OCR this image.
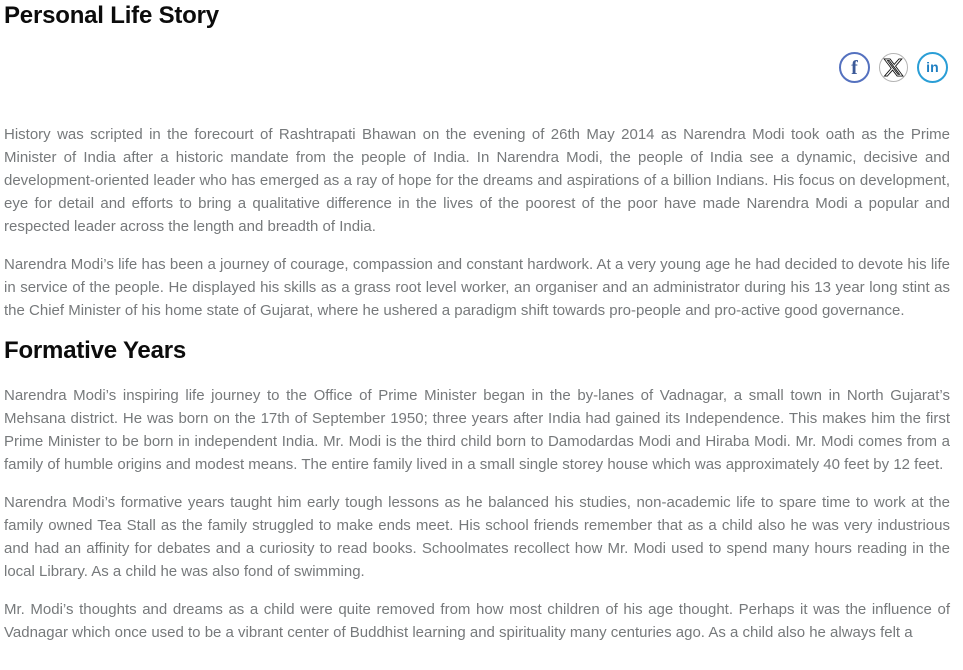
Personal Life Story
f	in

History was scripted in the forecourt of Rashtrapati Bhawan on the evening of 26th May 2014 as Narendra Modi took oath as the Prime Minister of India after a historic mandate from the people of India. In Narendra Modi, the people of India see a dynamic, decisive and development-oriented leader who has emerged as a ray of hope for the dreams and aspirations of a billion Indians. His focus on development, eye for detail and efforts to bring a qualitative difference in the lives of the poorest of the poor have made Narendra Modi a popular and respected leader across the length and breadth of India.

Narendra Modi’s life has been a journey of courage, compassion and constant hardwork. At a very young age he had decided to devote his life in service of the people. He displayed his skills as a grass root level worker, an organiser and an administrator during his 13 year long stint as the Chief Minister of his home state of Gujarat, where he ushered a paradigm shift towards pro-people and pro-active good governance.

Formative Years

Narendra Modi’s inspiring life journey to the Office of Prime Minister began in the by-lanes of Vadnagar, a small town in North Gujarat’s Mehsana district. He was born on the 17th of September 1950; three years after India had gained its Independence. This makes him the first Prime Minister to be born in independent India. Mr. Modi is the third child born to Damodardas Modi and Hiraba Modi. Mr. Modi comes from a family of humble origins and modest means. The entire family lived in a small single storey house which was approximately 40 feet by 12 feet.

Narendra Modi’s formative years taught him early tough lessons as he balanced his studies, non-academic life to spare time to work at the family owned Tea Stall as the family struggled to make ends meet. His school friends remember that as a child also he was very industrious and had an affinity for debates and a curiosity to read books. Schoolmates recollect how Mr. Modi used to spend many hours reading in the local Library. As a child he was also fond of swimming.

Mr. Modi’s thoughts and dreams as a child were quite removed from how most children of his age thought. Perhaps it was the influence of Vadnagar which once used to be a vibrant center of Buddhist learning and spirituality many centuries ago. As a child also he always felt a
